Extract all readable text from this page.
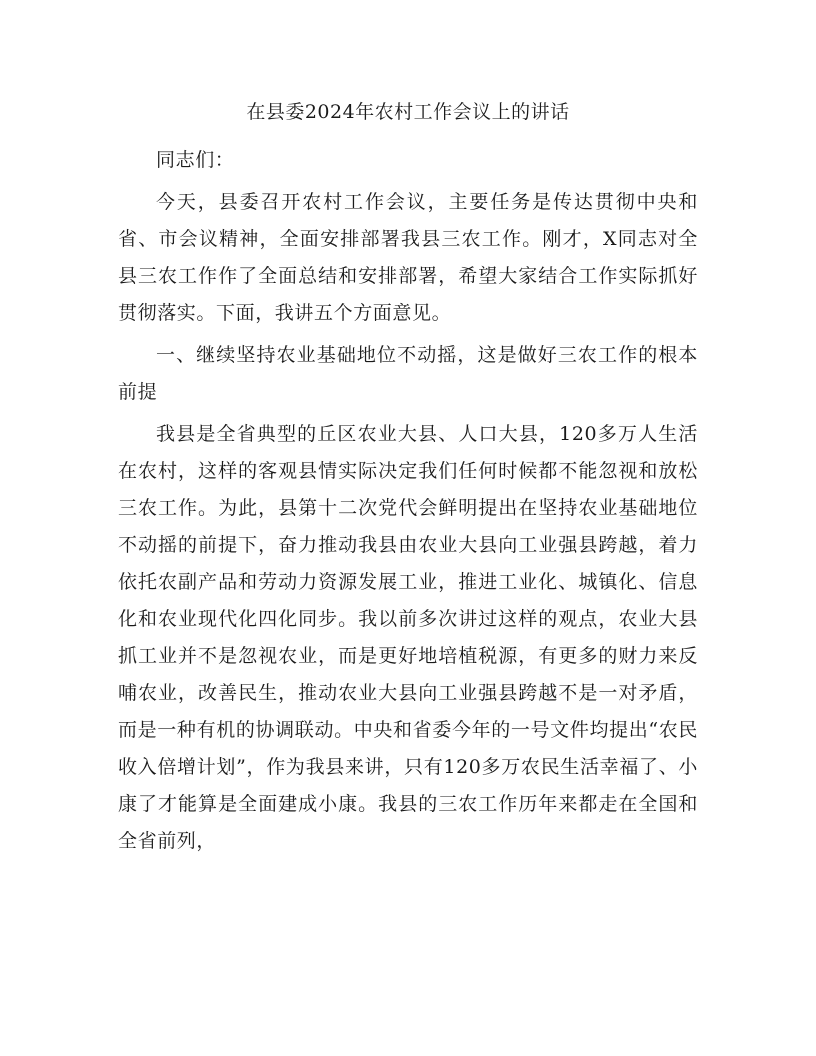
在县委2024年农村工作会议上的讲话

同志们：

今天，县委召开农村工作会议，主要任务是传达贯彻中央和省、市会议精神，全面安排部署我县三农工作。刚才，X同志对全县三农工作作了全面总结和安排部署，希望大家结合工作实际抓好贯彻落实。下面，我讲五个方面意见。

一、继续坚持农业基础地位不动摇，这是做好三农工作的根本前提

我县是全省典型的丘区农业大县、人口大县，120多万人生活在农村，这样的客观县情实际决定我们任何时候都不能忽视和放松三农工作。为此，县第十二次党代会鲜明提出在坚持农业基础地位不动摇的前提下，奋力推动我县由农业大县向工业强县跨越，着力依托农副产品和劳动力资源发展工业，推进工业化、城镇化、信息化和农业现代化四化同步。我以前多次讲过这样的观点，农业大县抓工业并不是忽视农业，而是更好地培植税源，有更多的财力来反哺农业，改善民生，推动农业大县向工业强县跨越不是一对矛盾，而是一种有机的协调联动。中央和省委今年的一号文件均提出“农民收入倍增计划”，作为我县来讲，只有120多万农民生活幸福了、小康了才能算是全面建成小康。我县的三农工作历年来都走在全国和全省前列，
